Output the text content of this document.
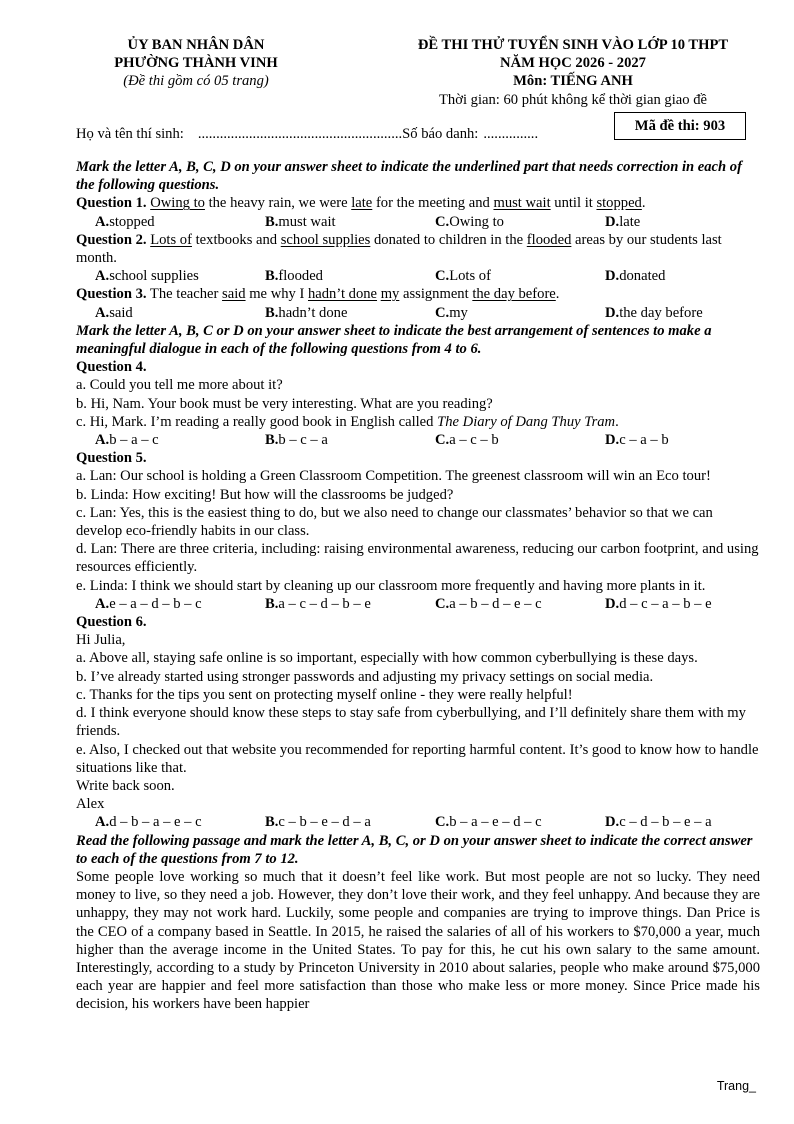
ỦY BAN NHÂN DÂN
PHƯỜNG THÀNH VINH
(Đề thi gồm có 05 trang)
ĐỀ THI THỬ TUYỂN SINH VÀO LỚP 10 THPT
NĂM HỌC 2026 - 2027
Môn: TIẾNG ANH
Thời gian: 60 phút không kể thời gian giao đề
Họ và tên thí sinh: ........................................................ Số báo danh: ...............	Mã đề thi: 903
Mark the letter A, B, C, D on your answer sheet to indicate the underlined part that needs correction in each of the following questions.

Question 1. Owing to the heavy rain, we were late for the meeting and must wait until it stopped.

A.stopped	B.must wait	C.Owing to	D.late

Question 2. Lots of textbooks and school supplies donated to children in the flooded areas by our students last month.

A.school supplies	B.flooded	C.Lots of	D.donated

Question 3. The teacher said me why I hadn’t done my assignment the day before.

A.said	B.hadn’t done	C.my	D.the day before
Mark the letter A, B, C or D on your answer sheet to indicate the best arrangement of sentences to make a meaningful dialogue in each of the following questions from 4 to 6.
Question 4.

a. Could you tell me more about it?

b. Hi, Nam. Your book must be very interesting. What are you reading?

c. Hi, Mark. I’m reading a really good book in English called The Diary of Dang Thuy Tram.

A.b – a – c	B.b – c – a	C.a – c – b	D.c – a – b
Question 5.

a. Lan: Our school is holding a Green Classroom Competition. The greenest classroom will win an Eco tour!

b. Linda: How exciting! But how will the classrooms be judged?

c. Lan: Yes, this is the easiest thing to do, but we also need to change our classmates’ behavior so that we can develop eco-friendly habits in our class.

d. Lan: There are three criteria, including: raising environmental awareness, reducing our carbon footprint, and using resources efficiently.

e. Linda: I think we should start by cleaning up our classroom more frequently and having more plants in it.

A.e – a – d – b – c	B.a – c – d – b – e	C.a – b – d – e – c	D.d – c – a – b – e
Question 6.

Hi Julia,

a. Above all, staying safe online is so important, especially with how common cyberbullying is these days.

b. I’ve already started using stronger passwords and adjusting my privacy settings on social media.

c. Thanks for the tips you sent on protecting myself online - they were really helpful!

d. I think everyone should know these steps to stay safe from cyberbullying, and I’ll definitely share them with my friends.

e. Also, I checked out that website you recommended for reporting harmful content. It’s good to know how to handle situations like that.

Write back soon.

Alex

A.d – b – a – e – c	B.c – b – e – d – a	C.b – a – e – d – c	D.c – d – b – e – a
Read the following passage and mark the letter A, B, C, or D on your answer sheet to indicate the correct answer to each of the questions from 7 to 12.

Some people love working so much that it doesn’t feel like work. But most people are not so lucky. They need money to live, so they need a job. However, they don’t love their work, and they feel unhappy. And because they are unhappy, they may not work hard. Luckily, some people and companies are trying to improve things. Dan Price is the CEO of a company based in Seattle. In 2015, he raised the salaries of all of his workers to $70,000 a year, much higher than the average income in the United States. To pay for this, he cut his own salary to the same amount. Interestingly, according to a study by Princeton University in 2010 about salaries, people who make around $75,000 each year are happier and feel more satisfaction than those who make less or more money. Since Price made his decision, his workers have been happier

Trang_
